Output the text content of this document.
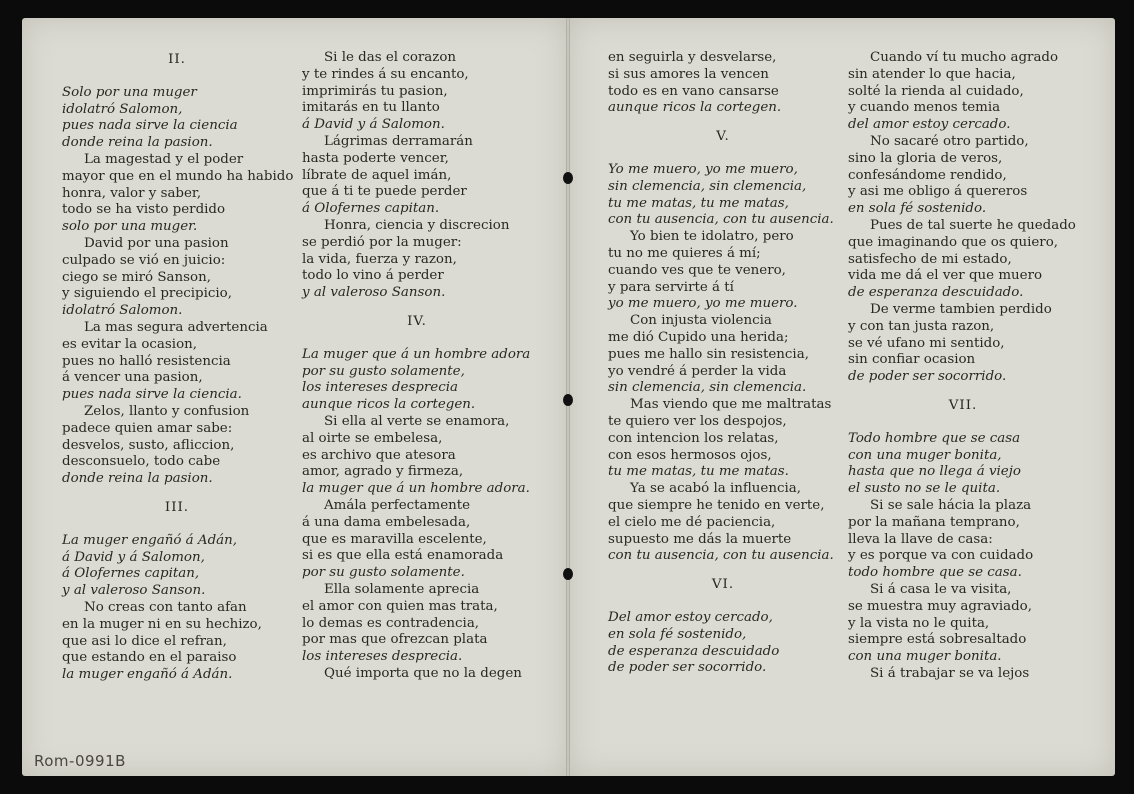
II.

Solo por una muger

idolatró Salomon,

pues nada sirve la ciencia

donde reina la pasion.

La magestad y el poder

mayor que en el mundo ha habido

honra, valor y saber,

todo se ha visto perdido

solo por una muger.

David por una pasion

culpado se vió en juicio:

ciego se miró Sanson,

y siguiendo el precipicio,

idolatró Salomon.

La mas segura advertencia

es evitar la ocasion,

pues no halló resistencia

á vencer una pasion,

pues nada sirve la ciencia.

Zelos, llanto y confusion

padece quien amar sabe:

desvelos, susto, afliccion,

desconsuelo, todo cabe

donde reina la pasion.

III.

La muger engañó á Adán,

á David y á Salomon,

á Olofernes capitan,

y al valeroso Sanson.

No creas con tanto afan

en la muger ni en su hechizo,

que asi lo dice el refran,

que estando en el paraiso

la muger engañó á Adán.

Si le das el corazon

y te rindes á su encanto,

imprimirás tu pasion,

imitarás en tu llanto

á David y á Salomon.

Lágrimas derramarán

hasta poderte vencer,

líbrate de aquel imán,

que á ti te puede perder

á Olofernes capitan.

Honra, ciencia y discrecion

se perdió por la muger:

la vida, fuerza y razon,

todo lo vino á perder

y al valeroso Sanson.

IV.

La muger que á un hombre adora

por su gusto solamente,

los intereses desprecia

aunque ricos la cortegen.

Si ella al verte se enamora,

al oirte se embelesa,

es archivo que atesora

amor, agrado y firmeza,

la muger que á un hombre adora.

Amála perfectamente

á una dama embelesada,

que es maravilla escelente,

si es que ella está enamorada

por su gusto solamente.

Ella solamente aprecia

el amor con quien mas trata,

lo demas es contradencia,

por mas que ofrezcan plata

los intereses desprecia.

Qué importa que no la degen

en seguirla y desvelarse,

si sus amores la vencen

todo es en vano cansarse

aunque ricos la cortegen.

V.

Yo me muero, yo me muero,

sin clemencia, sin clemencia,

tu me matas, tu me matas,

con tu ausencia, con tu ausencia.

Yo bien te idolatro, pero

tu no me quieres á mí;

cuando ves que te venero,

y para servirte á tí

yo me muero, yo me muero.

Con injusta violencia

me dió Cupido una herida;

pues me hallo sin resistencia,

yo vendré á perder la vida

sin clemencia, sin clemencia.

Mas viendo que me maltratas

te quiero ver los despojos,

con intencion los relatas,

con esos hermosos ojos,

tu me matas, tu me matas.

Ya se acabó la influencia,

que siempre he tenido en verte,

el cielo me dé paciencia,

supuesto me dás la muerte

con tu ausencia, con tu ausencia.

VI.

Del amor estoy cercado,

en sola fé sostenido,

de esperanza descuidado

de poder ser socorrido.

Cuando ví tu mucho agrado

sin atender lo que hacia,

solté la rienda al cuidado,

y cuando menos temia

del amor estoy cercado.

No sacaré otro partido,

sino la gloria de veros,

confesándome rendido,

y asi me obligo á quereros

en sola fé sostenido.

Pues de tal suerte he quedado

que imaginando que os quiero,

satisfecho de mi estado,

vida me dá el ver que muero

de esperanza descuidado.

De verme tambien perdido

y con tan justa razon,

se vé ufano mi sentido,

sin confiar ocasion

de poder ser socorrido.

VII.

Todo hombre que se casa

con una muger bonita,

hasta que no llega á viejo

el susto no se le quita.

Si se sale hácia la plaza

por la mañana temprano,

lleva la llave de casa:

y es porque va con cuidado

todo hombre que se casa.

Si á casa le va visita,

se muestra muy agraviado,

y la vista no le quita,

siempre está sobresaltado

con una muger bonita.

Si á trabajar se va lejos

Rom-0991B
